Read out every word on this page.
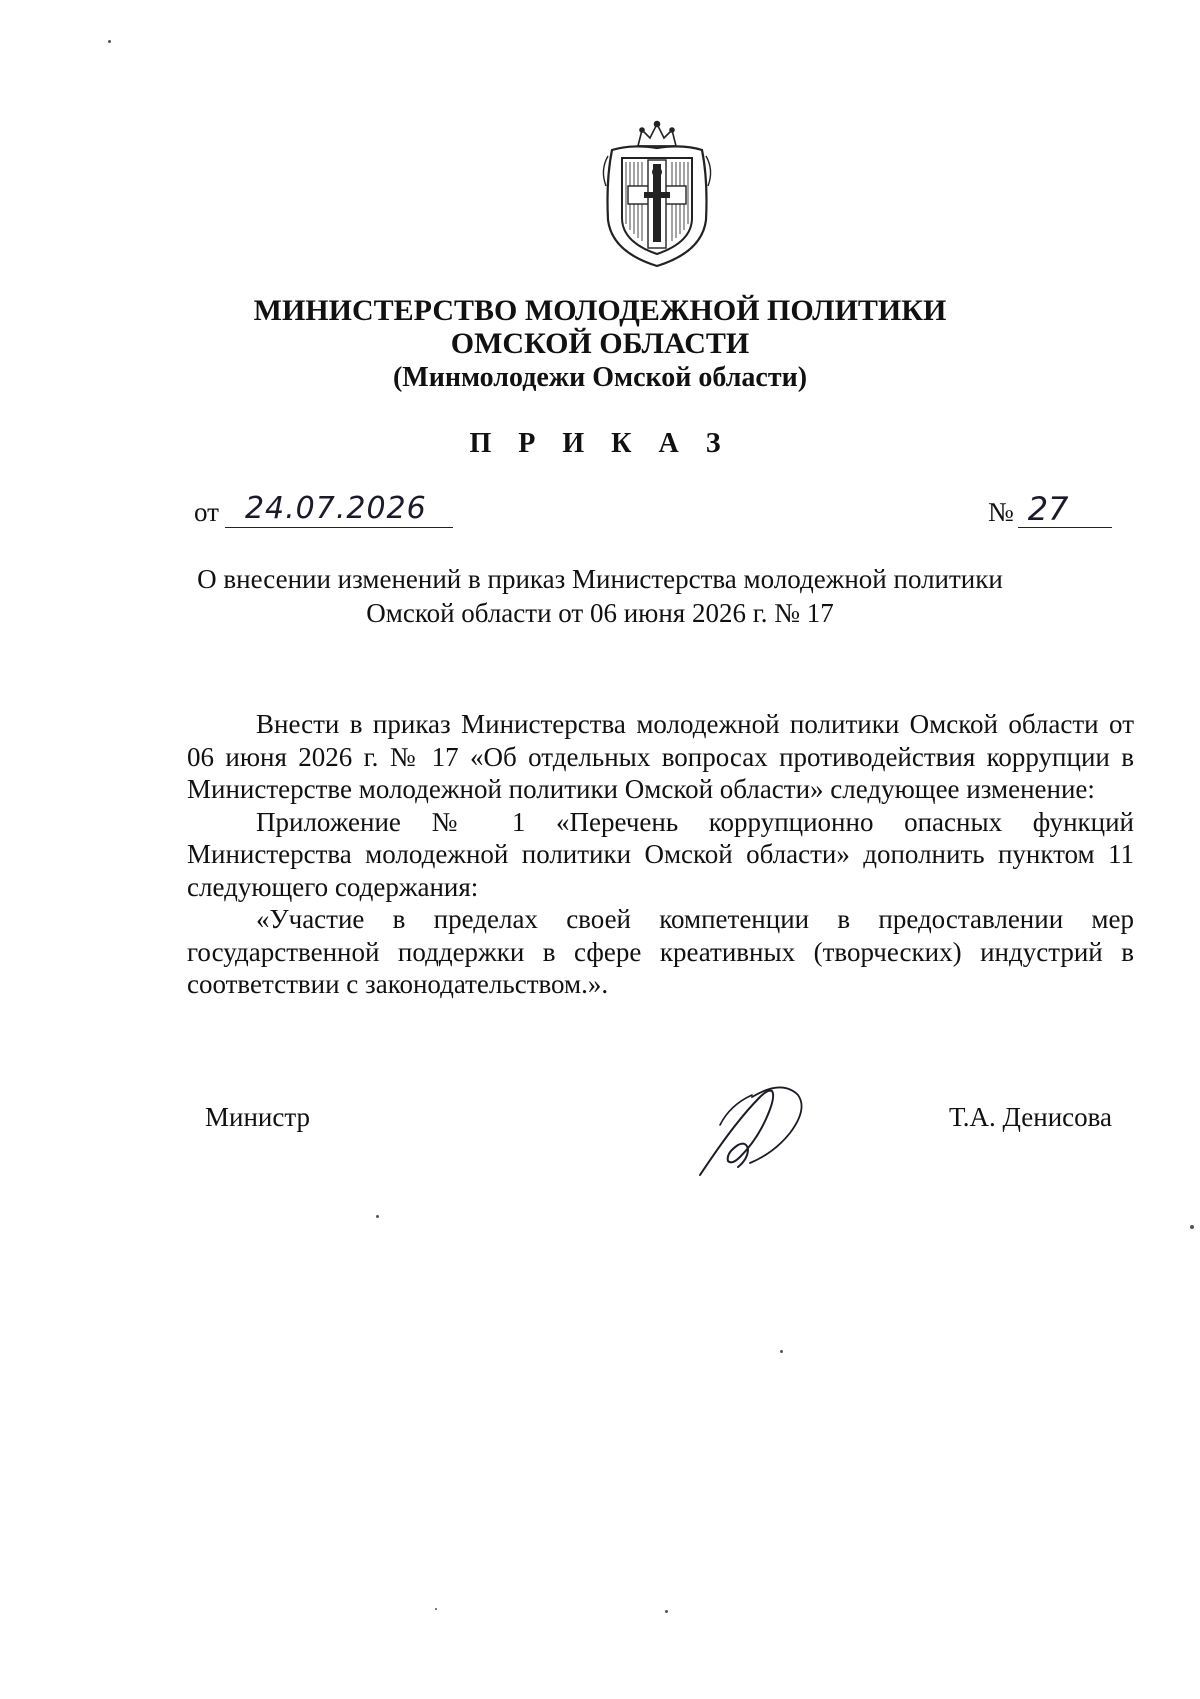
МИНИСТЕРСТВО МОЛОДЕЖНОЙ ПОЛИТИКИ
ОМСКОЙ ОБЛАСТИ
(Минмолодежи Омской области)
П Р И К А З
от 24.07.2026	№ 27
О внесении изменений в приказ Министерства молодежной политики
Омской области от 06 июня 2026 г. № 17

Внести в приказ Министерства молодежной политики Омской области от 06 июня 2026 г. № 17 «Об отдельных вопросах противодействия коррупции в Министерстве молодежной политики Омской области» следующее изменение:

Приложение № 1 «Перечень коррупционно опасных функций Министерства молодежной политики Омской области» дополнить пунктом 11 следующего содержания:

«Участие в пределах своей компетенции в предоставлении мер государственной поддержки в сфере креативных (творческих) индустрий в соответствии с законодательством.».

Министр	Т.А. Денисова
